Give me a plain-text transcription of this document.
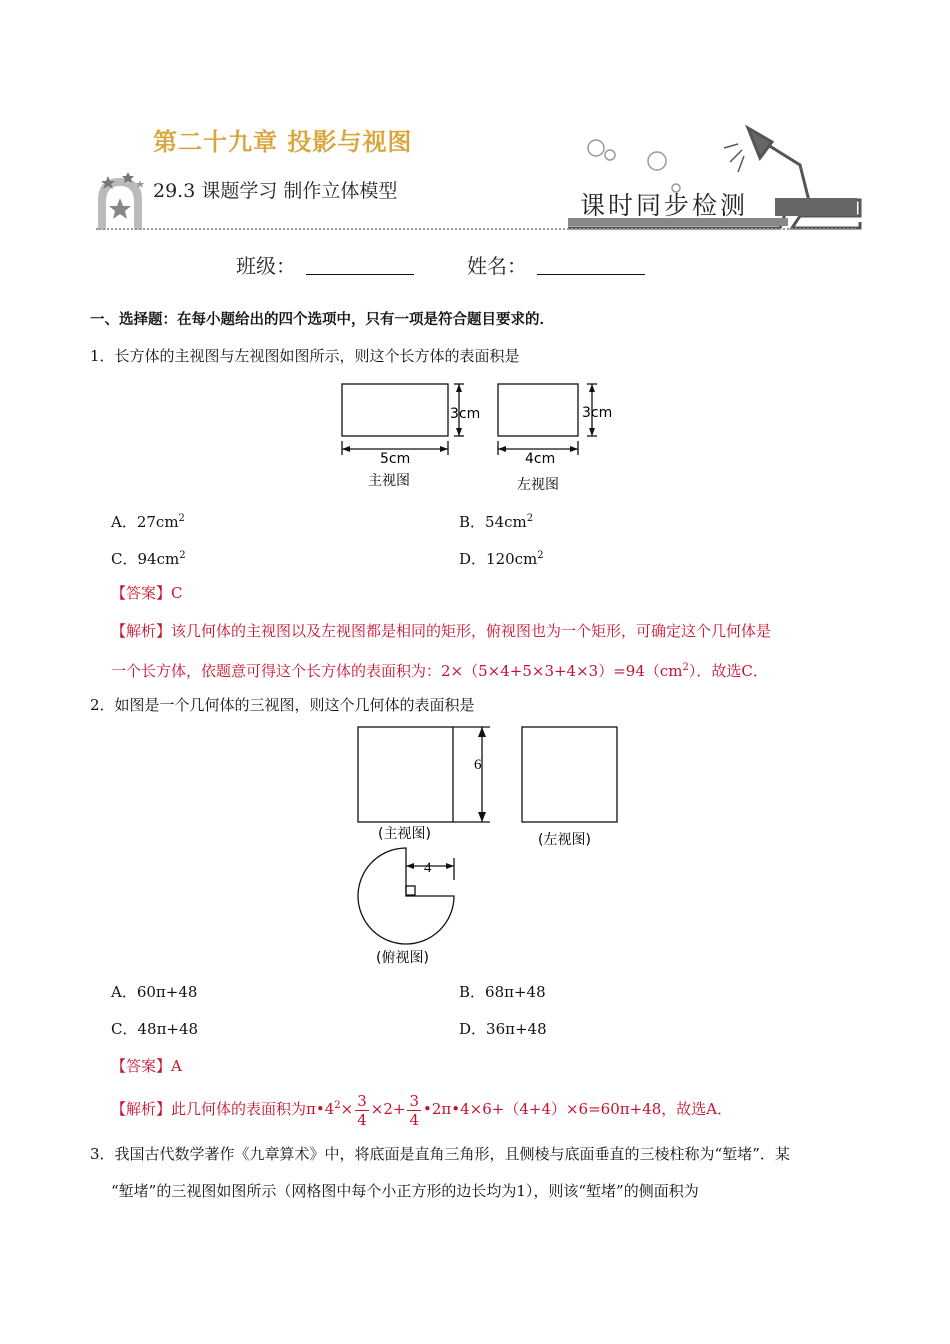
第二十九章 投影与视图
29.3 课题学习 制作立体模型	课时同步检测
班级：	姓名：
一、选择题：在每小题给出的四个选项中，只有一项是符合题目要求的．
1．长方体的主视图与左视图如图所示，则这个长方体的表面积是
3cm
5cm
主视图
3cm
4cm
左视图
A．$27cm^2$	B．$54cm^2$
C．$94cm^2$	D．$120cm^2$
【答案】C
【解析】该几何体的主视图以及左视图都是相同的矩形，俯视图也为一个矩形，可确定这个几何体是
一个长方体，依题意可得这个长方体的表面积为：$2\times(5\times 4+5\times 3+4\times 3)=94(cm^2)$．故选C．
2．如图是一个几何体的三视图，则这个几何体的表面积是
6
4
(主视图)	(左视图)
(俯视图)
A．60π+48	B．68π+48
C．48π+48	D．36π+48
【答案】A
【解析】此几何体的表面积为$\pi•4^2\times \frac{3}{4} \times 2+ \frac{3}{4}$ •2π•4×6+（4+4）×6=60π+48，故选A．
3．我国古代数学著作《九章算术》中，将底面是直角三角形，且侧棱与底面垂直的三棱柱称为“堑堵”．某
“堑堵”的三视图如图所示（网格图中每个小正方形的边长均为1），则该“堑堵”的侧面积为
